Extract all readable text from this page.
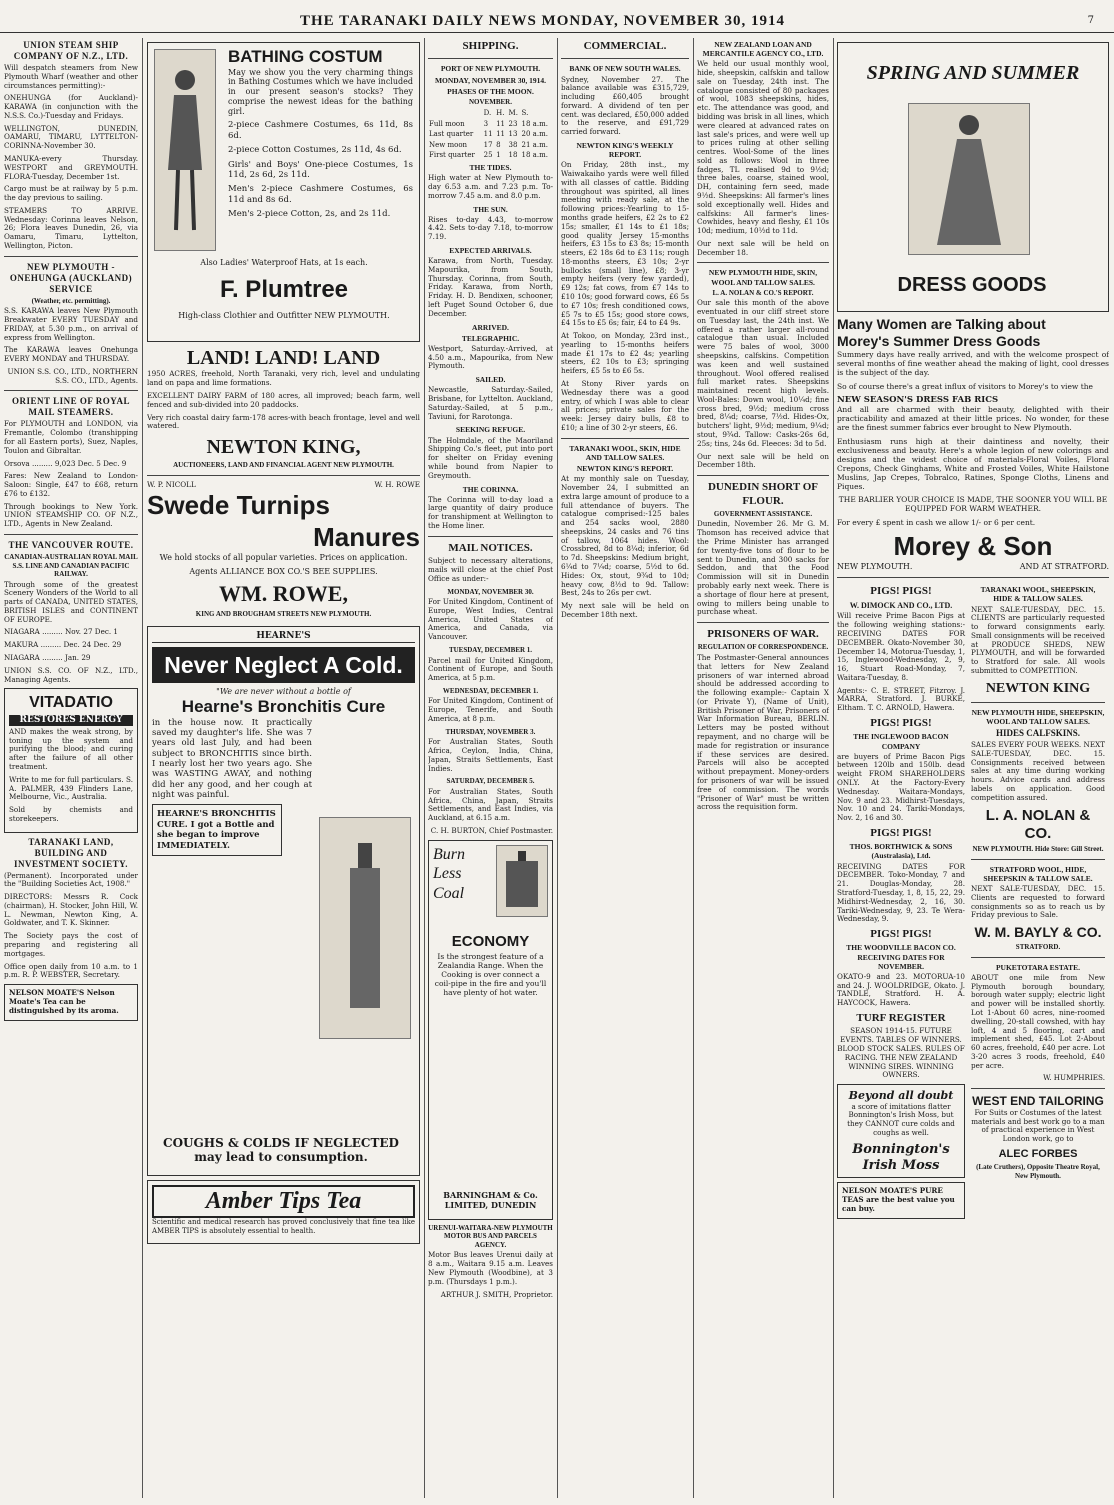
THE TARANAKI DAILY NEWS MONDAY, NOVEMBER 30, 1914	7
UNION STEAM SHIP COMPANY OF N.Z., LTD.

Will despatch steamers from New Plymouth Wharf (weather and other circumstances permitting):-

ONEHUNGA (for Auckland)- KARAWA (in conjunction with the N.S.S. Co.)-Tuesday and Fridays.

WELLINGTON, DUNEDIN, OAMARU, TIMARU, LYTTELTON- CORINNA-November 30.

MANUKA-every Thursday. WESTPORT and GREYMOUTH. FLORA-Tuesday, December 1st.

Cargo must be at railway by 5 p.m. the day previous to sailing.

STEAMERS TO ARRIVE. Wednesday: Corinna leaves Nelson, 26; Flora leaves Dunedin, 26, via Oamaru, Timaru, Lyttelton, Wellington, Picton.

NEW PLYMOUTH - ONEHUNGA (AUCKLAND) SERVICE
(Weather, etc. permitting).

S.S. KARAWA leaves New Plymouth Breakwater EVERY TUESDAY and FRIDAY, at 5.30 p.m., on arrival of express from Wellington.

The KARAWA leaves Onehunga EVERY MONDAY and THURSDAY.

UNION S.S. CO., LTD., NORTHERN S.S. CO., LTD., Agents.

ORIENT LINE OF ROYAL MAIL STEAMERS.

For PLYMOUTH and LONDON, via Fremantle, Colombo (transhipping for all Eastern ports), Suez, Naples, Toulon and Gibraltar.

Orsova ......... 9,023 Dec. 5 Dec. 9

Fares: New Zealand to London-Saloon: Single, £47 to £68, return £76 to £132.

Through bookings to New York. UNION STEAMSHIP CO. OF N.Z., LTD., Agents in New Zealand.

THE VANCOUVER ROUTE.
CANADIAN-AUSTRALIAN ROYAL MAIL S.S. LINE AND CANADIAN PACIFIC RAILWAY.

Through some of the greatest Scenery Wonders of the World to all parts of CANADA, UNITED STATES, BRITISH ISLES and CONTINENT OF EUROPE.

NIAGARA ......... Nov. 27 Dec. 1

MAKURA ......... Dec. 24 Dec. 29

NIAGARA ......... Jan. 29

UNION S.S. CO. OF N.Z., LTD., Managing Agents.

VITADATIO
RESTORES ENERGY

AND makes the weak strong, by toning up the system and purifying the blood; and curing after the failure of all other treatment.

Write to me for full particulars. S. A. PALMER, 439 Flinders Lane, Melbourne, Vic., Australia.

Sold by chemists and storekeepers.

TARANAKI LAND, BUILDING AND INVESTMENT SOCIETY.

(Permanent). Incorporated under the "Building Societies Act, 1908."

DIRECTORS: Messrs R. Cock (chairman), H. Stocker, John Hill, W. L. Newman, Newton King, A. Goldwater, and T. K. Skinner.

The Society pays the cost of preparing and registering all mortgages.

Office open daily from 10 a.m. to 1 p.m. R. P. WEBSTER, Secretary.

NELSON MOATE'S Nelson Moate's Tea can be distinguished by its aroma.
BATHING COSTUM

May we show you the very charming things in Bathing Costumes which we have included in our present season's stocks? They comprise the newest ideas for the bathing girl.

2-piece Cashmere Costumes, 6s 11d, 8s 6d.

2-piece Cotton Costumes, 2s 11d, 4s 6d.

Girls' and Boys' One-piece Costumes, 1s 11d, 2s 6d, 2s 11d.

Men's 2-piece Cashmere Costumes, 6s 11d and 8s 6d.

Men's 2-piece Cotton, 2s, and 2s 11d.

Also Ladies' Waterproof Hats, at 1s each.
F. Plumtree
High-class Clothier and Outfitter NEW PLYMOUTH.
LAND! LAND! LAND

1950 ACRES, freehold, North Taranaki, very rich, level and undulating land on papa and lime formations.

EXCELLENT DAIRY FARM of 180 acres, all improved; beach farm, well fenced and sub-divided into 20 paddocks.

Very rich coastal dairy farm-178 acres-with beach frontage, level and well watered.

NEWTON KING,
AUCTIONEERS, LAND AND FINANCIAL AGENT NEW PLYMOUTH.
W. P. NICOLL	W. H. ROWE
Swede Turnips
Manures

We hold stocks of all popular varieties. Prices on application.

Agents ALLIANCE BOX CO.'S BEE SUPPLIES.

WM. ROWE,
KING AND BROUGHAM STREETS NEW PLYMOUTH.
HEARNE'S
Never Neglect A Cold.
"We are never without a bottle of
Hearne's Bronchitis Cure

in the house now. It practically saved my daughter's life. She was 7 years old last July, and had been subject to BRONCHITIS since birth. I nearly lost her two years ago. She was WASTING AWAY, and nothing did her any good, and her cough at night was painful.

HEARNE'S BRONCHITIS CURE. I got a Bottle and she began to improve IMMEDIATELY.
COUGHS & COLDS IF NEGLECTED may lead to consumption.
Amber Tips Tea

Scientific and medical research has proved conclusively that fine tea like AMBER TIPS is absolutely essential to health.

SHIPPING.
PORT OF NEW PLYMOUTH.
MONDAY, NOVEMBER 30, 1914.
PHASES OF THE MOON.
NOVEMBER.
	D.	H.	M.	S.
Full moon	3	11	23	18 a.m.
Last quarter	11	11	13	20 a.m.
New moon	17	8	38	21 a.m.
First quarter	25	1	18	18 a.m.
THE TIDES.

High water at New Plymouth to-day 6.53 a.m. and 7.23 p.m. To-morrow 7.45 a.m. and 8.0 p.m.

THE SUN.

Rises to-day 4.43, to-morrow 4.42. Sets to-day 7.18, to-morrow 7.19.

EXPECTED ARRIVALS.

Karawa, from North, Tuesday. Mapourika, from South, Thursday. Corinna, from South, Friday. Karawa, from North, Friday. H. D. Bendixen, schooner, left Puget Sound October 6, due December.

ARRIVED.
TELEGRAPHIC.

Westport, Saturday.-Arrived, at 4.50 a.m., Mapourika, from New Plymouth.

SAILED.

Newcastle, Saturday.-Sailed, Brisbane, for Lyttelton. Auckland, Saturday.-Sailed, at 5 p.m., Taviuni, for Rarotonga.

SEEKING REFUGE.

The Holmdale, of the Maoriland Shipping Co.'s fleet, put into port for shelter on Friday evening while bound from Napier to Greymouth.

THE CORINNA.

The Corinna will to-day load a large quantity of dairy produce for transhipment at Wellington to the Home liner.

MAIL NOTICES.

Subject to necessary alterations, mails will close at the chief Post Office as under:-

MONDAY, NOVEMBER 30.

For United Kingdom, Continent of Europe, West Indies, Central America, United States of America, and Canada, via Vancouver.

TUESDAY, DECEMBER 1.

Parcel mail for United Kingdom, Continent of Europe, and South America, at 5 p.m.

WEDNESDAY, DECEMBER 1.

For United Kingdom, Continent of Europe, Tenerife, and South America, at 8 p.m.

THURSDAY, NOVEMBER 3.

For Australian States, South Africa, Ceylon, India, China, Japan, Straits Settlements, East Indies.

SATURDAY, DECEMBER 5.

For Australian States, South Africa, China, Japan, Straits Settlements, and East Indies, via Auckland, at 6.15 a.m.

C. H. BURTON, Chief Postmaster.

Burn Less Coal
ECONOMY

Is the strongest feature of a Zealandia Range. When the Cooking is over connect a coil-pipe in the fire and you'll have plenty of hot water.

BARNINGHAM & Co. LIMITED, DUNEDIN
URENUI-WAITARA-NEW PLYMOUTH MOTOR BUS AND PARCELS AGENCY.

Motor Bus leaves Urenui daily at 8 a.m., Waitara 9.15 a.m. Leaves New Plymouth (Woodbine), at 3 p.m. (Thursdays 1 p.m.).

ARTHUR J. SMITH, Proprietor.

COMMERCIAL.
BANK OF NEW SOUTH WALES.

Sydney, November 27. The balance available was £315,729, including £60,405 brought forward. A dividend of ten per cent. was declared, £50,000 added to the reserve, and £91,729 carried forward.

NEWTON KING'S WEEKLY REPORT.

On Friday, 28th inst., my Waiwakaiho yards were well filled with all classes of cattle. Bidding throughout was spirited, all lines meeting with ready sale, at the following prices:-Yearling to 15-months grade heifers, £2 2s to £2 15s; smaller, £1 14s to £1 18s; good quality Jersey 15-months heifers, £3 15s to £3 8s; 15-month steers, £2 18s 6d to £3 11s; rough 18-months steers, £3 10s; 2-yr bullocks (small line), £8; 3-yr empty heifers (very few yarded), £9 12s; fat cows, from £7 14s to £10 10s; good forward cows, £6 5s to £7 10s; fresh conditioned cows, £5 7s to £5 15s; good store cows, £4 15s to £5 6s; fair, £4 to £4 9s.

At Tokoo, on Monday, 23rd inst., yearling to 15-months heifers made £1 17s to £2 4s; yearling steers, £2 10s to £3; springing heifers, £5 5s to £6 5s.

At Stony River yards on Wednesday there was a good entry, of which I was able to clear all prices; private sales for the week: Jersey dairy bulls, £8 to £10; a line of 30 2-yr steers, £6.

TARANAKI WOOL, SKIN, HIDE AND TALLOW SALES.
NEWTON KING'S REPORT.

At my monthly sale on Tuesday, November 24, I submitted an extra large amount of produce to a full attendance of buyers. The catalogue comprised:-125 bales and 254 sacks wool, 2880 sheepskins, 24 casks and 76 tins of tallow, 1064 hides. Wool: Crossbred, 8d to 8¼d; inferior, 6d to 7d. Sheepskins: Medium bright, 6¼d to 7¼d; coarse, 5½d to 6d. Hides: Ox, stout, 9¾d to 10d; heavy cow, 8½d to 9d. Tallow: Best, 24s to 26s per cwt.

My next sale will be held on December 18th next.

NEW ZEALAND LOAN AND MERCANTILE AGENCY CO., LTD.

We held our usual monthly wool, hide, sheepskin, calfskin and tallow sale on Tuesday, 24th inst. The catalogue consisted of 80 packages of wool, 1083 sheepskins, hides, etc. The attendance was good, and bidding was brisk in all lines, which were cleared at advanced rates on last sale's prices, and were well up to prices ruling at other selling centres. Wool-Some of the lines sold as follows: Wool in three fadges, TL realised 9d to 9½d; three bales, coarse, stained wool, DH, containing fern seed, made 9½d. Sheepskins: All farmer's lines sold exceptionally well. Hides and calfskins: All farmer's lines-Cowhides, heavy and fleshy, £1 10s 10d; medium, 10½d to 11d.

Our next sale will be held on December 18.

NEW PLYMOUTH HIDE, SKIN, WOOL AND TALLOW SALES.
L. A. NOLAN & CO.'S REPORT.

Our sale this month of the above eventuated in our cliff street store on Tuesday last, the 24th inst. We offered a rather larger all-round catalogue than usual. Included were 75 bales of wool, 3000 sheepskins, calfskins. Competition was keen and well sustained throughout. Wool offered realised full market rates. Sheepskins maintained recent high levels. Wool-Bales: Down wool, 10¼d; fine cross bred, 9½d; medium cross bred, 8¼d; coarse, 7½d. Hides-Ox, butchers' light, 9½d; medium, 9¼d; stout, 9¾d. Tallow: Casks-26s 6d, 25s; tins, 24s 6d. Fleeces: 3d to 5d.

Our next sale will be held on December 18th.

DUNEDIN SHORT OF FLOUR.
GOVERNMENT ASSISTANCE.

Dunedin, November 26. Mr G. M. Thomson has received advice that the Prime Minister has arranged for twenty-five tons of flour to be sent to Dunedin, and 300 sacks for Seddon, and that the Food Commission will sit in Dunedin probably early next week. There is a shortage of flour here at present, owing to millers being unable to purchase wheat.

PRISONERS OF WAR.
REGULATION OF CORRESPONDENCE.

The Postmaster-General announces that letters for New Zealand prisoners of war interned abroad should be addressed according to the following example:- Captain X (or Private Y), (Name of Unit), British Prisoner of War, Prisoners of War Information Bureau, BERLIN. Letters may be posted without repayment, and no charge will be made for registration or insurance if these services are desired. Parcels will also be accepted without prepayment. Money-orders for prisoners of war will be issued free of commission. The words "Prisoner of War" must be written across the requisition form.

SPRING AND SUMMER
DRESS GOODS
Many Women are Talking about
Morey's Summer Dress Goods

Summery days have really arrived, and with the welcome prospect of several months of fine weather ahead the making of light, cool dresses is the subject of the day.

So of course there's a great influx of visitors to Morey's to view the

NEW SEASON'S DRESS FAB RICS

And all are charmed with their beauty, delighted with their practicability and amazed at their little prices. No wonder, for these are the finest summer fabrics ever brought to New Plymouth.

Enthusiasm runs high at their daintiness and novelty, their exclusiveness and beauty. Here's a whole legion of new colorings and designs and the widest choice of materials-Floral Voiles, Floral Crepons, Check Ginghams, White and Frosted Voiles, White Hailstone Muslins, Jap Crepes, Tobralco, Ratines, Sponge Cloths, Linens and Piques.

THE BARLIER YOUR CHOICE IS MADE, THE SOONER YOU WILL BE EQUIPPED FOR WARM WEATHER.

For every £ spent in cash we allow 1/- or 6 per cent.

Morey & Son
NEW PLYMOUTH.	AND AT STRATFORD.
PIGS! PIGS!
W. DIMOCK AND CO., LTD.

Will receive Prime Bacon Pigs at the following weighing stations:- RECEIVING DATES FOR DECEMBER. Okato-November 30, December 14, Motorua-Tuesday, 1, 15, Inglewood-Wednesday, 2, 9, 16, Stuart Road-Monday, 7, Waitara-Tuesday, 8.

Agents:- C. E. STREET, Fitzroy. J. MARRA, Stratford. J. BURKE, Eltham. T. C. ARNOLD, Hawera.

PIGS! PIGS!
THE INGLEWOOD BACON COMPANY

are buyers of Prime Bacon Pigs between 120lb and 150lb. dead weight FROM SHAREHOLDERS ONLY. At the Factory-Every Wednesday. Waitara-Mondays, Nov. 9 and 23. Midhirst-Tuesdays, Nov. 10 and 24. Tariki-Mondays, Nov. 2, 16 and 30.

PIGS! PIGS!
THOS. BORTHWICK & SONS (Australasia), Ltd.

RECEIVING DATES FOR DECEMBER. Toko-Monday, 7 and 21. Douglas-Monday, 28. Stratford-Tuesday, 1, 8, 15, 22, 29. Midhirst-Wednesday, 2, 16, 30. Tariki-Wednesday, 9, 23. Te Wera-Wednesday, 9.

PIGS! PIGS!
THE WOODVILLE BACON CO. RECEIVING DATES FOR NOVEMBER.

OKATO-9 and 23. MOTORUA-10 and 24. J. WOOLDRIDGE, Okato. J. TANDLE, Stratford. H. A. HAYCOCK, Hawera.

TURF REGISTER

SEASON 1914-15. FUTURE EVENTS. TABLES OF WINNERS. BLOOD STOCK SALES. RULES OF RACING. THE NEW ZEALAND WINNING SIRES. WINNING OWNERS.

Beyond all doubt

a score of imitations flatter Bonnington's Irish Moss, but they CANNOT cure colds and coughs as well.

Bonnington's Irish Moss
NELSON MOATE'S PURE TEAS are the best value you can buy.
TARANAKI WOOL, SHEEPSKIN, HIDE & TALLOW SALES.

NEXT SALE-TUESDAY, DEC. 15. CLIENTS are particularly requested to forward consignments early. Small consignments will be received at PRODUCE SHEDS, NEW PLYMOUTH, and will be forwarded to Stratford for sale. All wools submitted to COMPETITION.

NEWTON KING
NEW PLYMOUTH HIDE, SHEEPSKIN, WOOL AND TALLOW SALES.
HIDES CALFSKINS.

SALES EVERY FOUR WEEKS. NEXT SALE-TUESDAY, DEC. 15. Consignments received between sales at any time during working hours. Advice cards and address labels on application. Good competition assured.

L. A. NOLAN & CO.
NEW PLYMOUTH. Hide Store: Gill Street.
STRATFORD WOOL, HIDE, SHEEPSKIN & TALLOW SALE.

NEXT SALE-TUESDAY, DEC. 15. Clients are requested to forward consignments so as to reach us by Friday previous to Sale.

W. M. BAYLY & CO.
STRATFORD.
PUKETOTARA ESTATE.

ABOUT one mile from New Plymouth borough boundary, borough water supply; electric light and power will be installed shortly. Lot 1-About 60 acres, nine-roomed dwelling, 20-stall cowshed, with hay loft, 4 and 5 flooring, cart and implement shed, £45. Lot 2-About 60 acres, freehold, £40 per acre. Lot 3-20 acres 3 roods, freehold, £40 per acre.

W. HUMPHRIES.

WEST END TAILORING

For Suits or Costumes of the latest materials and best work go to a man of practical experience in West London work, go to

ALEC FORBES
(Late Cruthers), Opposite Theatre Royal, New Plymouth.
